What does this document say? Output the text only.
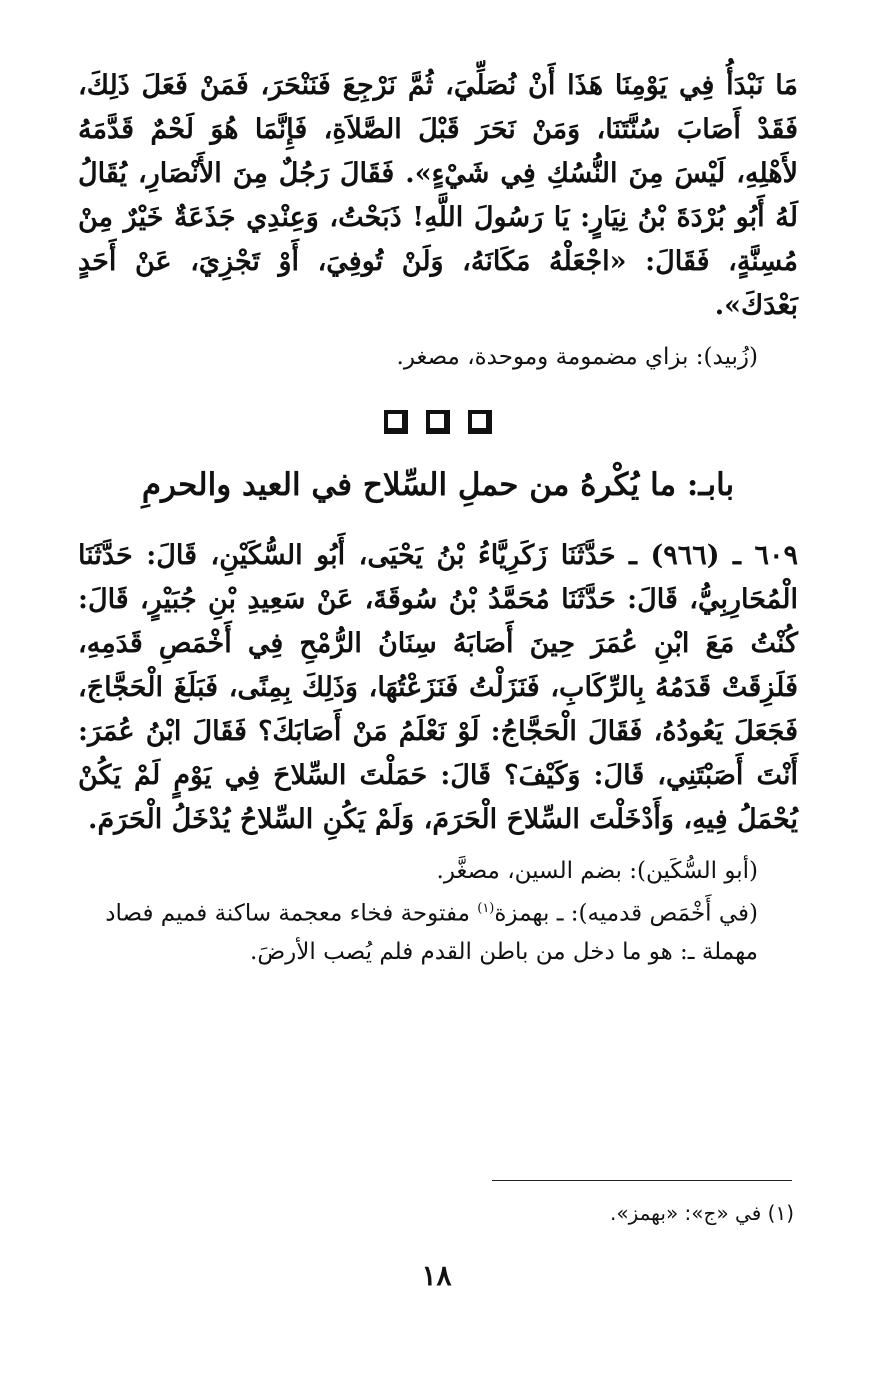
مَا نَبْدَأُ فِي يَوْمِنَا هَذَا أَنْ نُصَلِّيَ، ثُمَّ نَرْجِعَ فَنَنْحَرَ، فَمَنْ فَعَلَ ذَلِكَ، فَقَدْ أَصَابَ سُنَّتَنَا، وَمَنْ نَحَرَ قَبْلَ الصَّلاَةِ، فَإِنَّمَا هُوَ لَحْمٌ قَدَّمَهُ لأَهْلِهِ، لَيْسَ مِنَ النُّسُكِ فِي شَيْءٍ». فَقَالَ رَجُلٌ مِنَ الأَنْصَارِ، يُقَالُ لَهُ أَبُو بُرْدَةَ بْنُ نِيَارٍ: يَا رَسُولَ اللَّهِ! ذَبَحْتُ، وَعِنْدِي جَذَعَةٌ خَيْرٌ مِنْ مُسِنَّةٍ، فَقَالَ: «اجْعَلْهُ مَكَانَهُ، وَلَنْ تُوفِيَ، أَوْ تَجْزِيَ، عَنْ أَحَدٍ بَعْدَكَ».

(زُبيد): بزاي مضمومة وموحدة، مصغر.

بابـ: ما يُكْرهُ من حملِ السِّلاح في العيد والحرمِ

٦٠٩ ـ (٩٦٦) ـ حَدَّثَنَا زَكَرِيَّاءُ بْنُ يَحْيَى، أَبُو السُّكَيْنِ، قَالَ: حَدَّثَنَا الْمُحَارِبِيُّ، قَالَ: حَدَّثَنَا مُحَمَّدُ بْنُ سُوقَةَ، عَنْ سَعِيدِ بْنِ جُبَيْرٍ، قَالَ: كُنْتُ مَعَ ابْنِ عُمَرَ حِينَ أَصَابَهُ سِنَانُ الرُّمْحِ فِي أَخْمَصِ قَدَمِهِ، فَلَزِقَتْ قَدَمُهُ بِالرِّكَابِ، فَنَزَلْتُ فَنَزَعْتُهَا، وَذَلِكَ بِمِنًى، فَبَلَغَ الْحَجَّاجَ، فَجَعَلَ يَعُودُهُ، فَقَالَ الْحَجَّاجُ: لَوْ نَعْلَمُ مَنْ أَصَابَكَ؟ فَقَالَ ابْنُ عُمَرَ: أَنْتَ أَصَبْتَنِي، قَالَ: وَكَيْفَ؟ قَالَ: حَمَلْتَ السِّلاحَ فِي يَوْمٍ لَمْ يَكُنْ يُحْمَلُ فِيهِ، وَأَدْخَلْتَ السِّلاحَ الْحَرَمَ، وَلَمْ يَكُنِ السِّلاحُ يُدْخَلُ الْحَرَمَ.

(أبو السُّكَين): بضم السين، مصغَّر.

(في أَخْمَص قدميه): ـ بهمزة$^{(١)}$ مفتوحة فخاء معجمة ساكنة فميم فصاد مهملة ـ: هو ما دخل من باطن القدم فلم يُصب الأرضَ.

(١) في «ج»: «بهمز».
١٨
